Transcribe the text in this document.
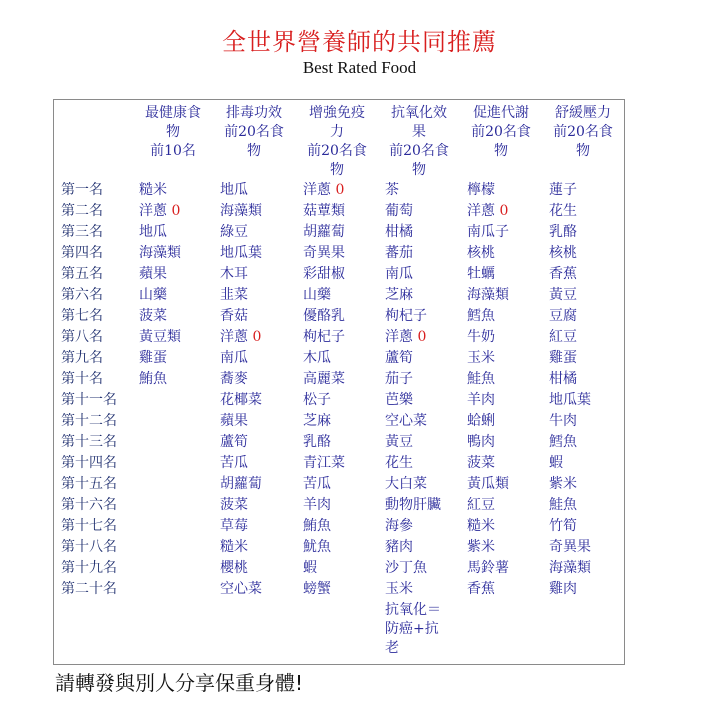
全世界營養師的共同推薦
Best Rated Food
最健康食
物
前10名
排毒功效
前20名食
物
增強免疫
力
前20名食
物
抗氧化效
果
前20名食
物
促進代謝
前20名食
物
舒緩壓力
前20名食
物
第一名
第二名
第三名
第四名
第五名
第六名
第七名
第八名
第九名
第十名
第十一名
第十二名
第十三名
第十四名
第十五名
第十六名
第十七名
第十八名
第十九名
第二十名
糙米
洋蔥 0
地瓜
海藻類
蘋果
山藥
菠菜
黃豆類
雞蛋
鮪魚
地瓜
海藻類
綠豆
地瓜葉
木耳
韭菜
香菇
洋蔥 0
南瓜
蕎麥
花椰菜
蘋果
蘆筍
苦瓜
胡蘿蔔
菠菜
草莓
糙米
櫻桃
空心菜
洋蔥 0
菇蕈類
胡蘿蔔
奇異果
彩甜椒
山藥
優酪乳
枸杞子
木瓜
高麗菜
松子
芝麻
乳酪
青江菜
苦瓜
羊肉
鮪魚
魷魚
蝦
螃蟹
茶
葡萄
柑橘
蕃茄
南瓜
芝麻
枸杞子
洋蔥 0
蘆筍
茄子
芭樂
空心菜
黃豆
花生
大白菜
動物肝臟
海參
豬肉
沙丁魚
玉米
抗氧化＝
防癌+抗
老
檸檬
洋蔥 0
南瓜子
核桃
牡蠣
海藻類
鱈魚
牛奶
玉米
鮭魚
羊肉
蛤蜊
鴨肉
菠菜
黃瓜類
紅豆
糙米
紫米
馬鈴薯
香蕉
蓮子
花生
乳酪
核桃
香蕉
黃豆
豆腐
紅豆
雞蛋
柑橘
地瓜葉
牛肉
鱈魚
蝦
紫米
鮭魚
竹筍
奇異果
海藻類
雞肉
請轉發與別人分享保重身體!
